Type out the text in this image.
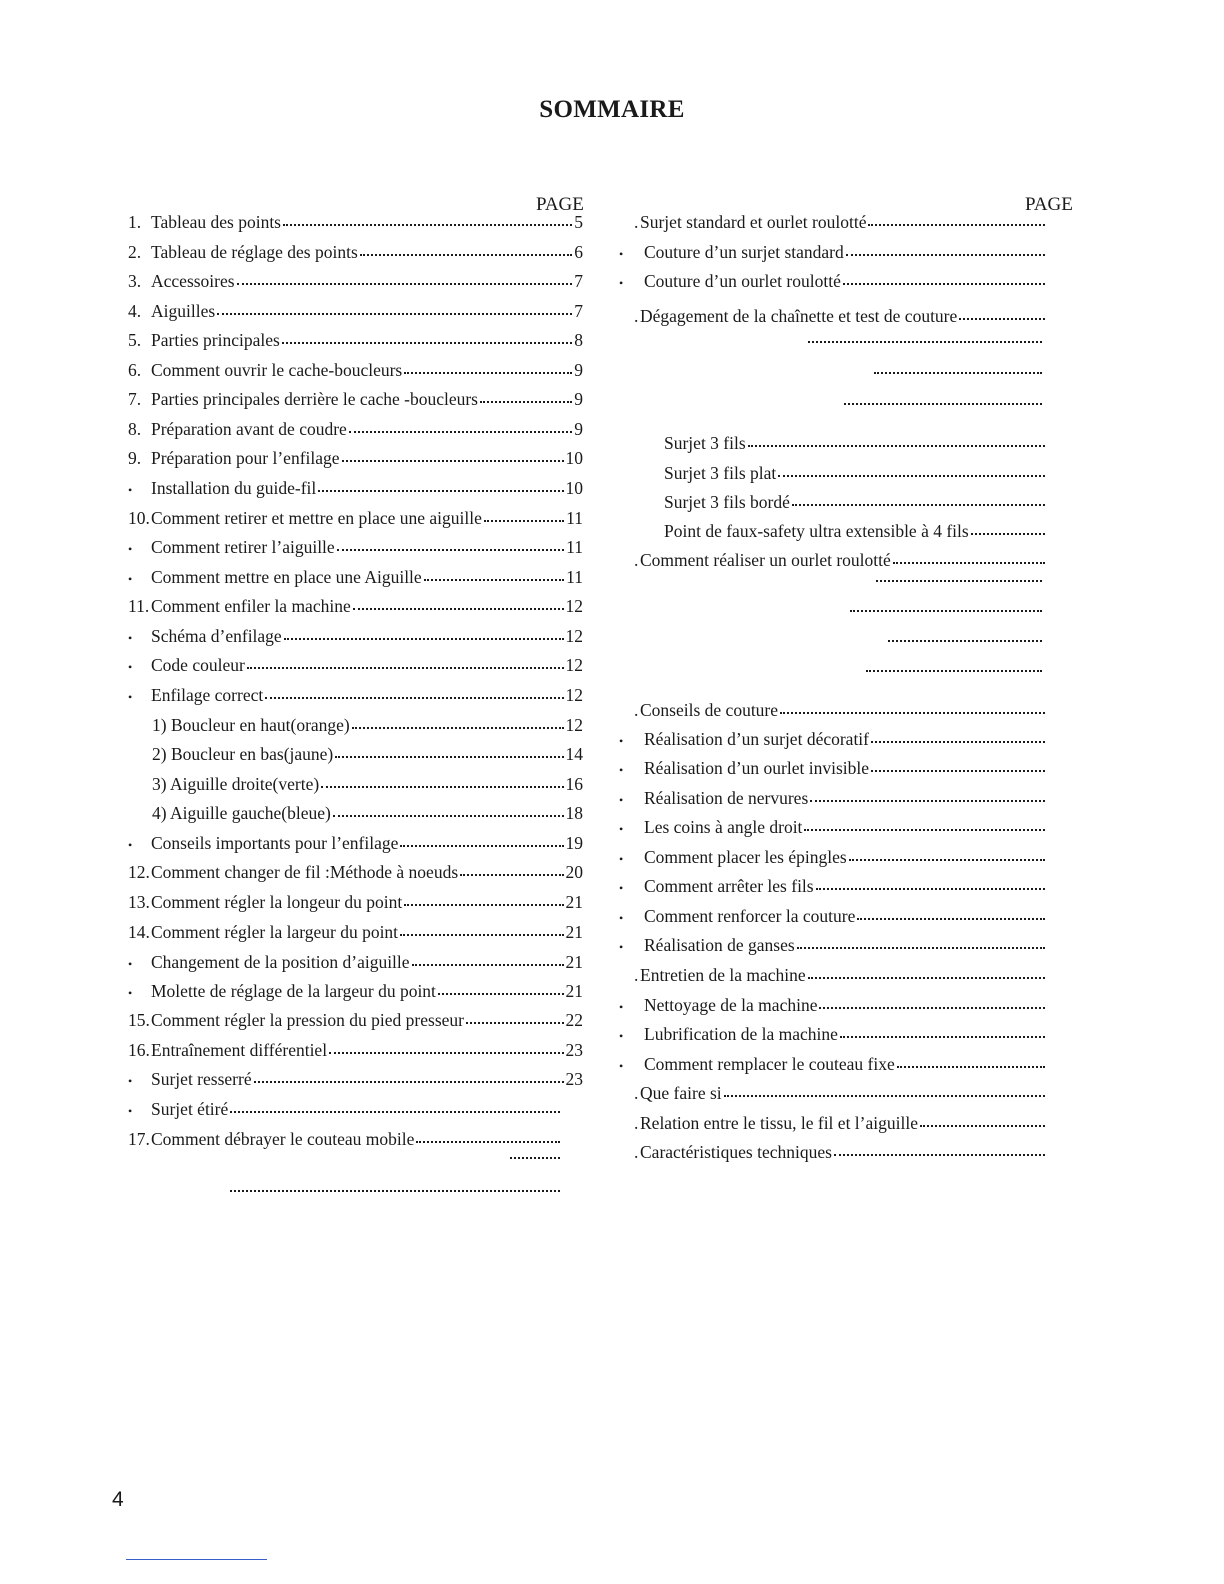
SOMMAIRE
PAGE	PAGE
1. Tableau des points	5
2. Tableau de réglage des points	6
3. Accessoires	7
4. Aiguilles	7
5. Parties principales	8
6. Comment ouvrir le cache-boucleurs	9
7. Parties principales derrière le cache -boucleurs	9
8. Préparation avant de coudre	9
9. Préparation pour l’enfilage	10
•	Installation du guide-fil	10
10. Comment retirer et mettre en place une aiguille	11
•	Comment retirer l’aiguille	11
•	Comment mettre en place une Aiguille	11
11. Comment enfiler la machine	12
•	Schéma d’enfilage	12
•	Code couleur	12
•	Enfilage correct	12
1) Boucleur en haut(orange)	12
2) Boucleur en bas(jaune)	14
3) Aiguille droite(verte)	16
4) Aiguille gauche(bleue)	18
•	Conseils importants pour l’enfilage	19
12. Comment changer de fil :Méthode à noeuds	20
13. Comment régler la longeur du point	21
14. Comment régler la largeur du point	21
•	Changement de la position d’aiguille	21
•	Molette de réglage de la largeur du point	21
15. Comment régler la pression du pied presseur	22
16. Entraînement différentiel	23
•	Surjet resserré	23
•	Surjet étiré
17. Comment débrayer le couteau mobile
. Surjet standard et ourlet roulotté
•	Couture d’un surjet standard
•	Couture d’un ourlet roulotté
. Dégagement de la chaînette et test de couture
Surjet 3 fils
Surjet 3 fils plat
Surjet 3 fils bordé
Point de faux-safety ultra extensible à 4 fils
. Comment réaliser un ourlet roulotté
. Conseils de couture
•	Réalisation d’un surjet décoratif
•	Réalisation d’un ourlet invisible
•	Réalisation de nervures
•	Les coins à angle droit
•	Comment placer les épingles
•	Comment arrêter les fils
•	Comment renforcer la couture
•	Réalisation de ganses
. Entretien de la machine
•	Nettoyage de la machine
•	Lubrification de la machine
•	Comment remplacer le couteau fixe
. Que faire si
. Relation entre le tissu, le fil et l’aiguille
. Caractéristiques techniques
4
